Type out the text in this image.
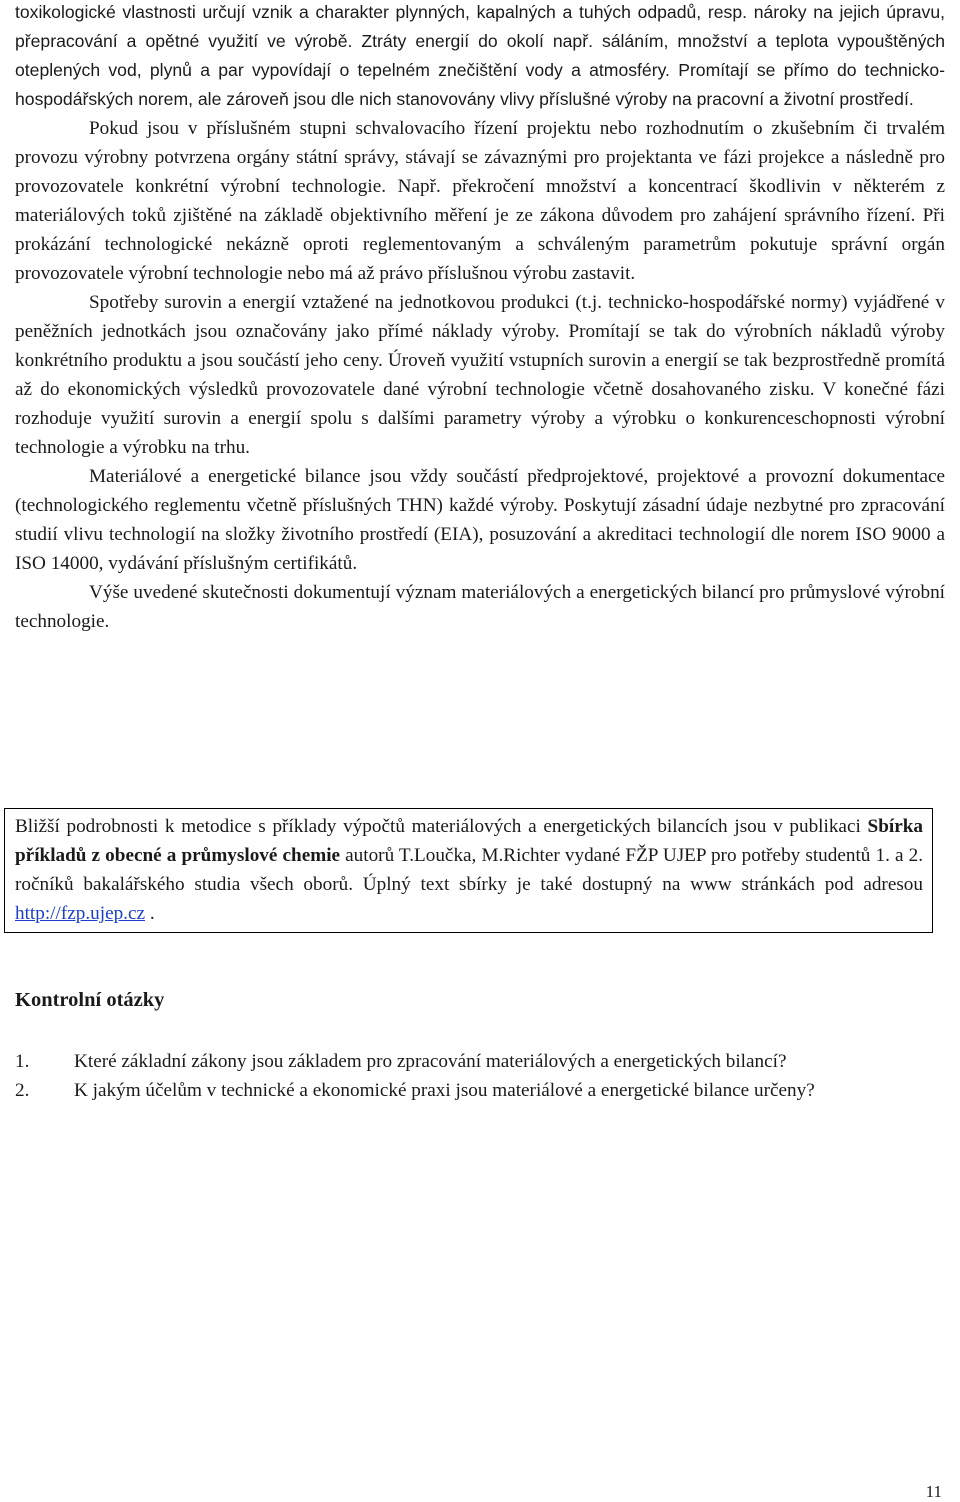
toxikologické vlastnosti určují vznik a charakter plynných, kapalných a tuhých odpadů, resp. nároky na jejich úpravu, přepracování a opětné využití ve výrobě. Ztráty energií do okolí např. sáláním, množství a teplota vypouštěných oteplených vod, plynů a par vypovídají o tepelném znečištění vody a atmosféry. Promítají se přímo do technicko-hospodářských norem, ale zároveň jsou dle nich stanovovány vlivy příslušné výroby na pracovní a životní prostředí.

Pokud jsou v příslušném stupni schvalovacího řízení projektu nebo rozhodnutím o zkušebním či trvalém provozu výrobny potvrzena orgány státní správy, stávají se závaznými pro projektanta ve fázi projekce a následně pro provozovatele konkrétní výrobní technologie. Např. překročení množství a koncentrací škodlivin v některém z materiálových toků zjištěné na základě objektivního měření je ze zákona důvodem pro zahájení správního řízení. Při prokázání technologické nekázně oproti reglementovaným a schváleným parametrům pokutuje správní orgán provozovatele výrobní technologie nebo má až právo příslušnou výrobu zastavit.

Spotřeby surovin a energií vztažené na jednotkovou produkci (t.j. technicko-hospodářské normy) vyjádřené v peněžních jednotkách jsou označovány jako přímé náklady výroby. Promítají se tak do výrobních nákladů výroby konkrétního produktu a jsou součástí jeho ceny. Úroveň využití vstupních surovin a energií se tak bezprostředně promítá až do ekonomických výsledků provozovatele dané výrobní technologie včetně dosahovaného zisku. V konečné fázi rozhoduje využití surovin a energií spolu s dalšími parametry výroby a výrobku o konkurenceschopnosti výrobní technologie a výrobku na trhu.

Materiálové a energetické bilance jsou vždy součástí předprojektové, projektové a provozní dokumentace (technologického reglementu včetně příslušných THN) každé výroby. Poskytují zásadní údaje nezbytné pro zpracování studií vlivu technologií na složky životního prostředí (EIA), posuzování a akreditaci technologií dle norem ISO 9000 a ISO 14000, vydávání příslušným certifikátů.

Výše uvedené skutečnosti dokumentují význam materiálových a energetických bilancí pro průmyslové výrobní technologie.

Bližší podrobnosti k metodice s příklady výpočtů materiálových a energetických bilancích jsou v publikaci Sbírka příkladů z obecné a průmyslové chemie autorů T.Loučka, M.Richter vydané FŽP UJEP pro potřeby studentů 1. a 2. ročníků bakalářského studia všech oborů. Úplný text sbírky je také dostupný na www stránkách pod adresou http://fzp.ujep.cz .

Kontrolní otázky
1. Které základní zákony jsou základem pro zpracování materiálových a energetických bilancí?
2. K jakým účelům v technické a ekonomické praxi jsou materiálové a energetické bilance určeny?

11
